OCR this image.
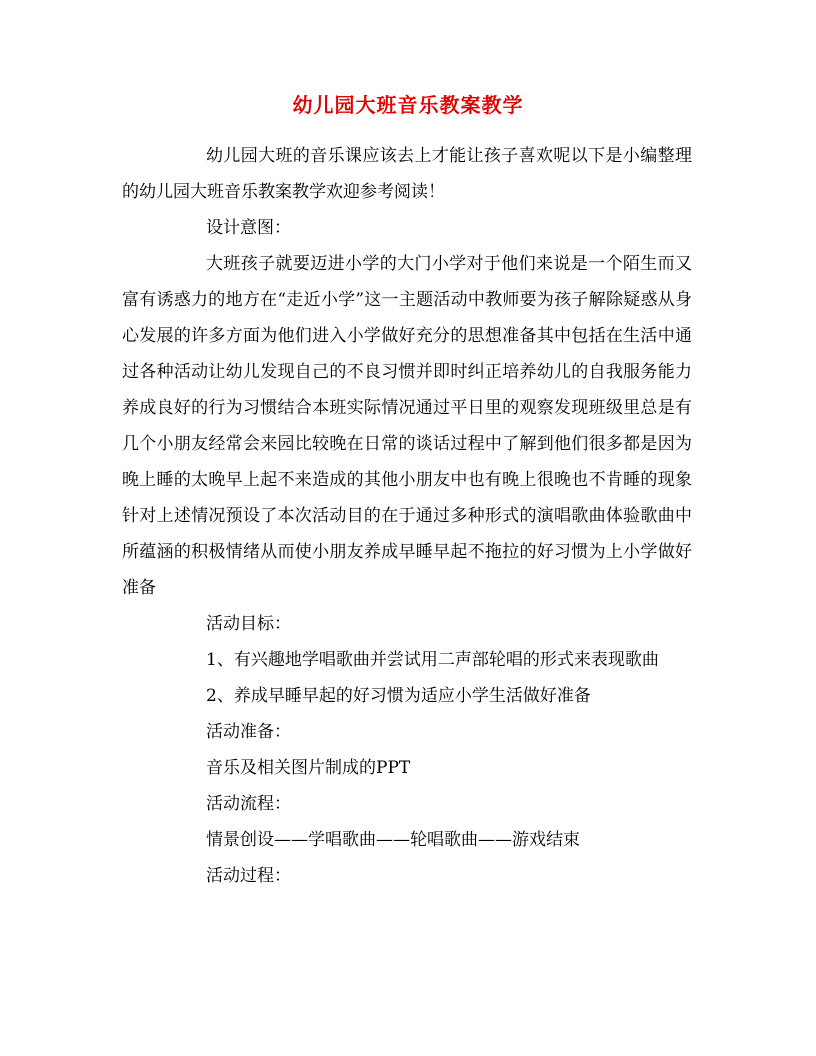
幼儿园大班音乐教案教学

幼儿园大班的音乐课应该去上才能让孩子喜欢呢以下是小编整理的幼儿园大班音乐教案教学欢迎参考阅读！

设计意图：

大班孩子就要迈进小学的大门小学对于他们来说是一个陌生而又富有诱惑力的地方在“走近小学”这一主题活动中教师要为孩子解除疑惑从身心发展的许多方面为他们进入小学做好充分的思想准备其中包括在生活中通过各种活动让幼儿发现自己的不良习惯并即时纠正培养幼儿的自我服务能力养成良好的行为习惯结合本班实际情况通过平日里的观察发现班级里总是有几个小朋友经常会来园比较晚在日常的谈话过程中了解到他们很多都是因为晚上睡的太晚早上起不来造成的其他小朋友中也有晚上很晚也不肯睡的现象针对上述情况预设了本次活动目的在于通过多种形式的演唱歌曲体验歌曲中所蕴涵的积极情绪从而使小朋友养成早睡早起不拖拉的好习惯为上小学做好准备

活动目标：

1、有兴趣地学唱歌曲并尝试用二声部轮唱的形式来表现歌曲

2、养成早睡早起的好习惯为适应小学生活做好准备

活动准备：

音乐及相关图片制成的PPT

活动流程：

情景创设——学唱歌曲——轮唱歌曲——游戏结束

活动过程：
